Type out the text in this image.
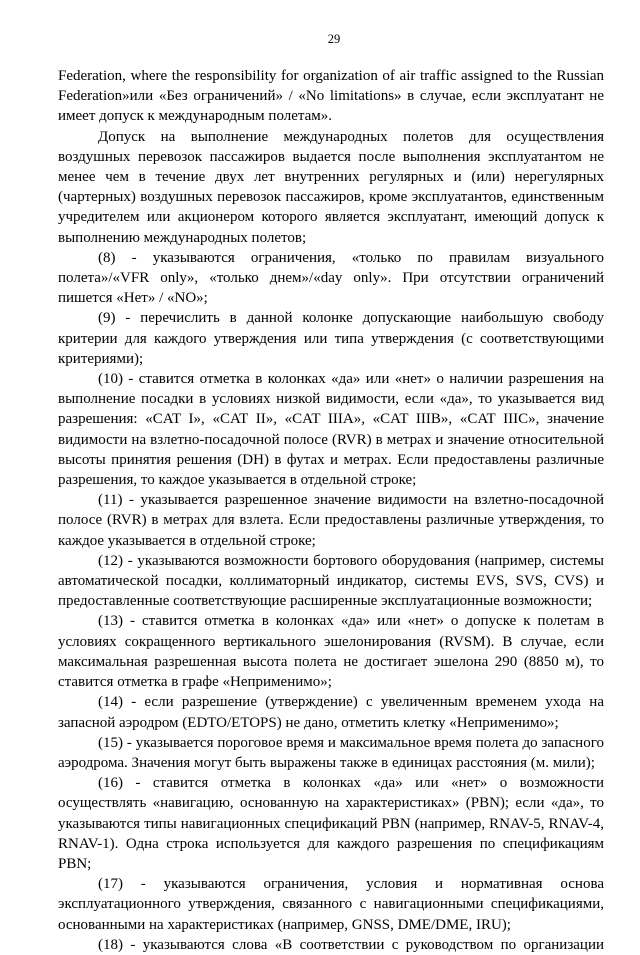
29

Federation, where the responsibility for organization of air traffic assigned to the Russian Federation»или «Без ограничений» / «No limitations» в случае, если эксплуатант не имеет допуск к международным полетам».

Допуск на выполнение международных полетов для осуществления воздушных перевозок пассажиров выдается после выполнения эксплуатантом не менее чем в течение двух лет внутренних регулярных и (или) нерегулярных (чартерных) воздушных перевозок пассажиров, кроме эксплуатантов, единственным учредителем или акционером которого является эксплуатант, имеющий допуск к выполнению международных полетов;

(8) - указываются ограничения, «только по правилам визуального полета»/«VFR only», «только днем»/«day only». При отсутствии ограничений пишется «Нет» / «NO»;

(9) - перечислить в данной колонке допускающие наибольшую свободу критерии для каждого утверждения или типа утверждения (с соответствующими критериями);

(10) - ставится отметка в колонках «да» или «нет» о наличии разрешения на выполнение посадки в условиях низкой видимости, если «да», то указывается вид разрешения: «CAT I», «CAT II», «CAT IIIA», «CAT IIIB», «CAT IIIC», значение видимости на взлетно-посадочной полосе (RVR) в метрах и значение относительной высоты принятия решения (DH) в футах и метрах. Если предоставлены различные разрешения, то каждое указывается в отдельной строке;

(11) - указывается разрешенное значение видимости на взлетно-посадочной полосе (RVR) в метрах для взлета. Если предоставлены различные утверждения, то каждое указывается в отдельной строке;

(12) - указываются возможности бортового оборудования (например, системы автоматической посадки, коллиматорный индикатор, системы EVS, SVS, CVS) и предоставленные соответствующие расширенные эксплуатационные возможности;

(13) - ставится отметка в колонках «да» или «нет» о допуске к полетам в условиях сокращенного вертикального эшелонирования (RVSM). В случае, если максимальная разрешенная высота полета не достигает эшелона 290 (8850 м), то ставится отметка в графе «Неприменимо»;

(14) - если разрешение (утверждение) с увеличенным временем ухода на запасной аэродром (EDTO/ETOPS) не дано, отметить клетку «Неприменимо»;

(15) - указывается пороговое время и максимальное время полета до запасного аэродрома. Значения могут быть выражены также в единицах расстояния (м. мили);

(16) - ставится отметка в колонках «да» или «нет» о возможности осуществлять «навигацию, основанную на характеристиках» (PBN); если «да», то указываются типы навигационных спецификаций PBN (например, RNAV-5, RNAV-4, RNAV-1). Одна строка используется для каждого разрешения по спецификациям PBN;

(17) - указываются ограничения, условия и нормативная основа эксплуатационного утверждения, связанного с навигационными спецификациями, основанными на характеристиках (например, GNSS, DME/DME, IRU);

(18) - указываются слова «В соответствии с руководством по организации
